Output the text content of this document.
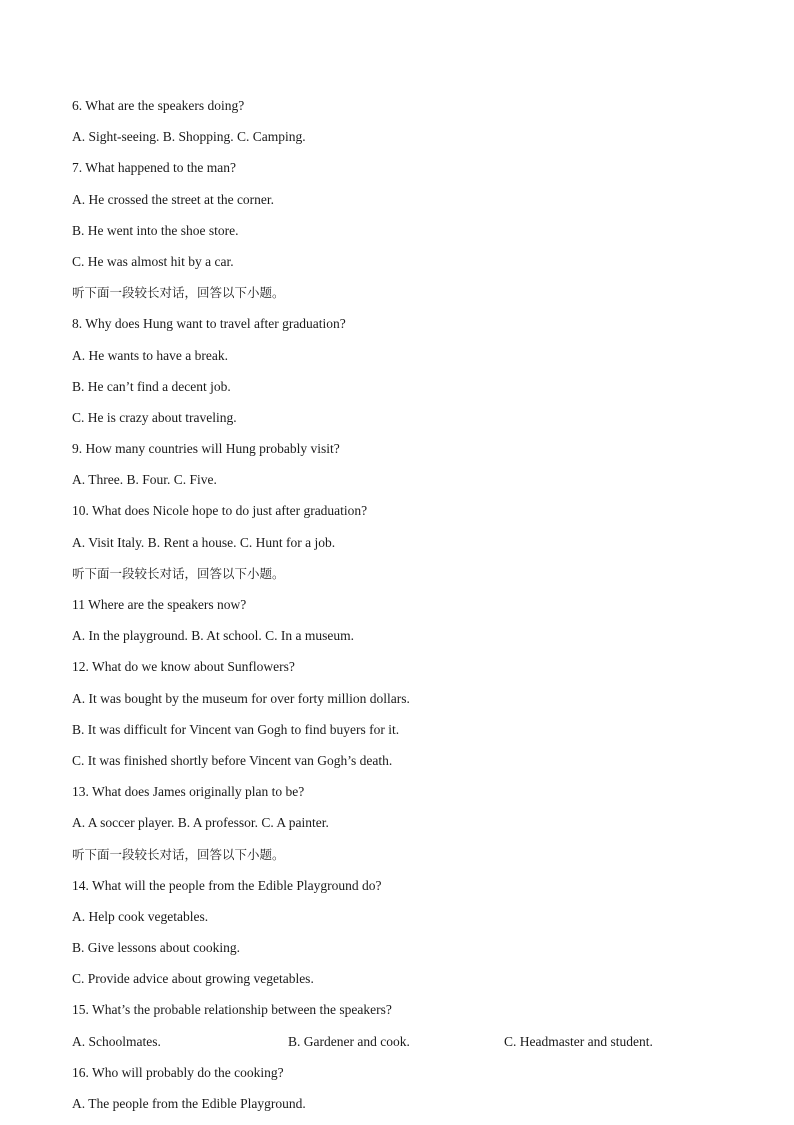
6. What are the speakers doing?
A. Sight-seeing. B. Shopping. C. Camping.
7. What happened to the man?
A. He crossed the street at the corner.
B. He went into the shoe store.
C. He was almost hit by a car.
听下面一段较长对话，回答以下小题。
8. Why does Hung want to travel after graduation?
A. He wants to have a break.
B. He can’t find a decent job.
C. He is crazy about traveling.
9. How many countries will Hung probably visit?
A. Three. B. Four. C. Five.
10. What does Nicole hope to do just after graduation?
A. Visit Italy. B. Rent a house. C. Hunt for a job.
听下面一段较长对话，回答以下小题。
11 Where are the speakers now?
A. In the playground. B. At school. C. In a museum.
12. What do we know about Sunflowers?
A. It was bought by the museum for over forty million dollars.
B. It was difficult for Vincent van Gogh to find buyers for it.
C. It was finished shortly before Vincent van Gogh’s death.
13. What does James originally plan to be?
A. A soccer player. B. A professor. C. A painter.
听下面一段较长对话，回答以下小题。
14. What will the people from the Edible Playground do?
A. Help cook vegetables.
B. Give lessons about cooking.
C. Provide advice about growing vegetables.
15. What’s the probable relationship between the speakers?
A. Schoolmates.	B. Gardener and cook.	C. Headmaster and student.
16. Who will probably do the cooking?
A. The people from the Edible Playground.
